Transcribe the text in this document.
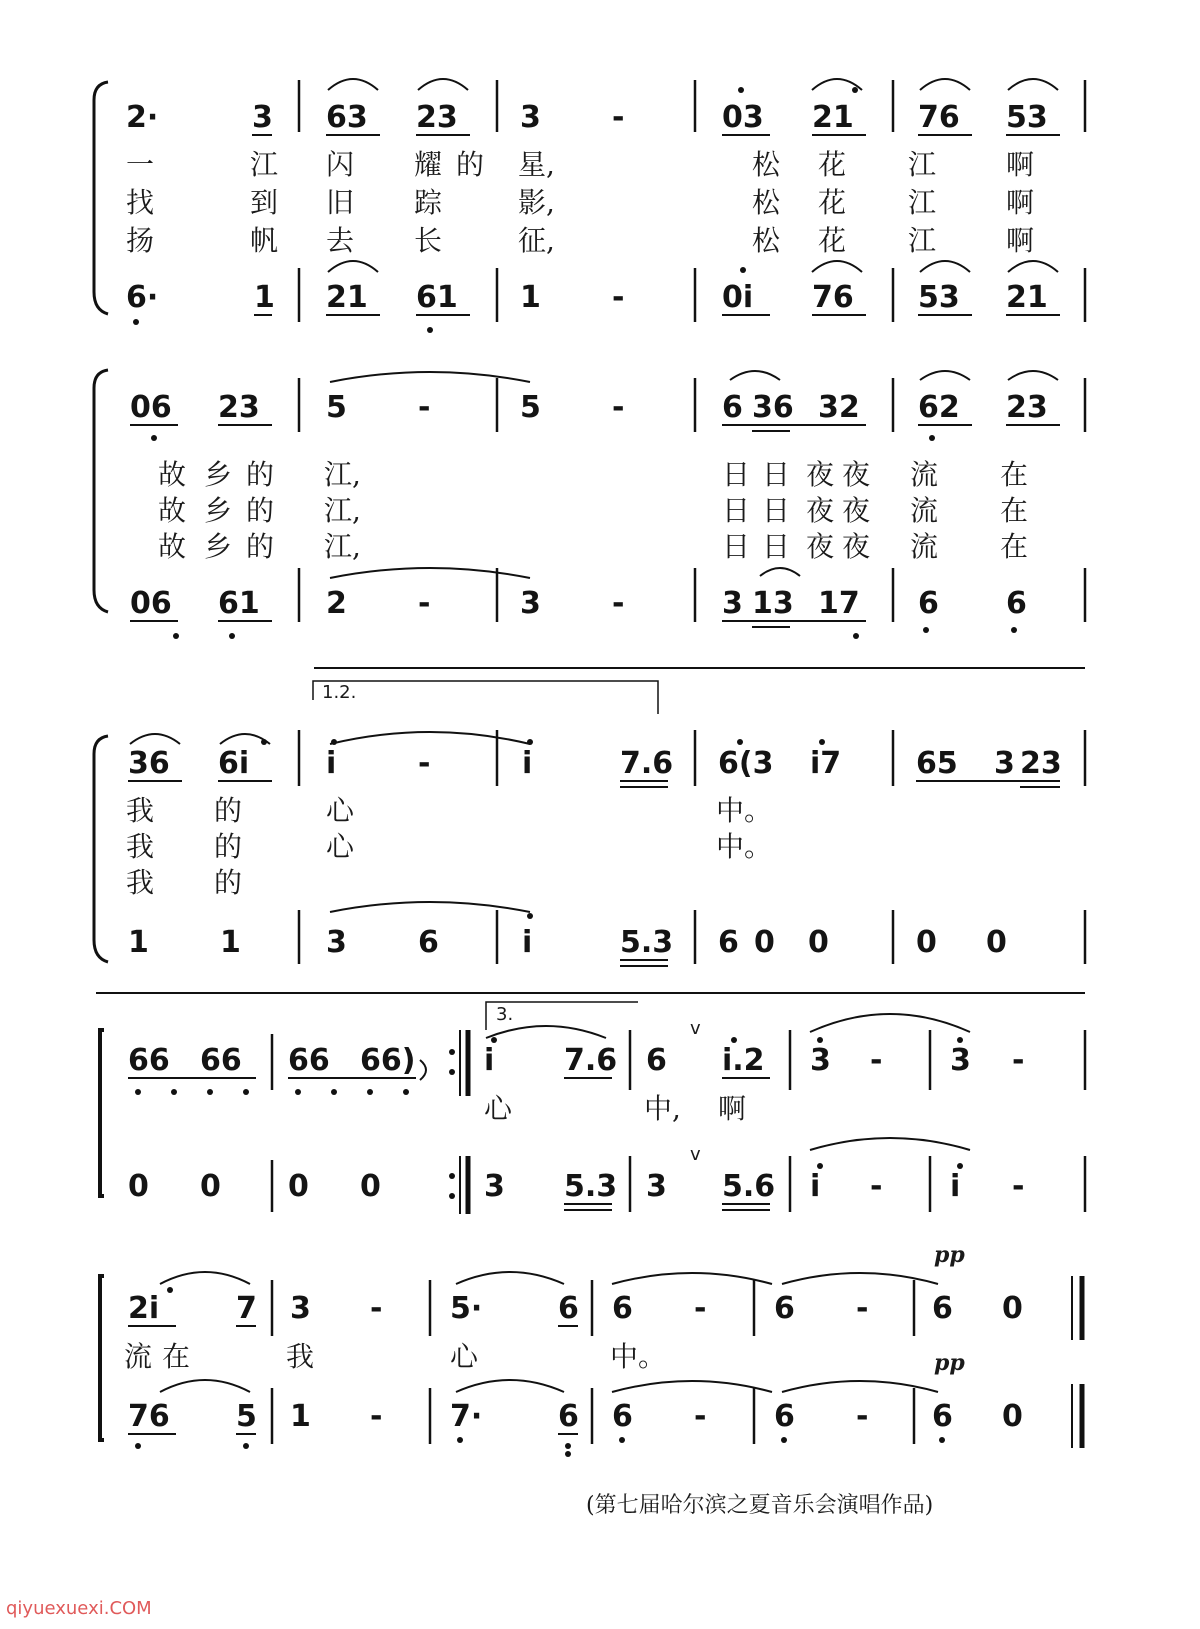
2·	3 63 23 3 -	03 21 76 53
一	江 闪 耀 的 星,	松 花 江 啊
找	到 旧 踪	影,	松 花 江 啊
扬	帆 去 长	征,	松 花 江 啊
6·	1 21 61 1 -	0i 76 53 21
06 23 5 -	5 -	6 36 32 62 23
故 乡 的 江,	日 日 夜 夜 流 在
故 乡 的 江,	日 日 夜 夜 流 在
故 乡 的 江,	日 日 夜 夜 流 在
06 61 2 -	3 -	3 13 17 6 6
1.2.
36 6i	i	-	i	7.6 6(3 i7 65 3 23
我 的	心	中。
我 的	心	中。
我 的
1 1	3 6	i	5.3 6 0 0	0 0
3.
66 66 66 66) i 7.6 6 i.2 3 - 3 -
v
心	中, 啊
0 0 0 0	3 5.3 3 5.6 i - i -
v
2i	7 3 - 5·	6 6 - 6 - 6 0
pp
流 在	我	心	中。	pp
76 5 1 - 7·	6 6 - 6 - 6 0
(第七届哈尔滨之夏音乐会演唱作品)
qiyuexuexi.COM
